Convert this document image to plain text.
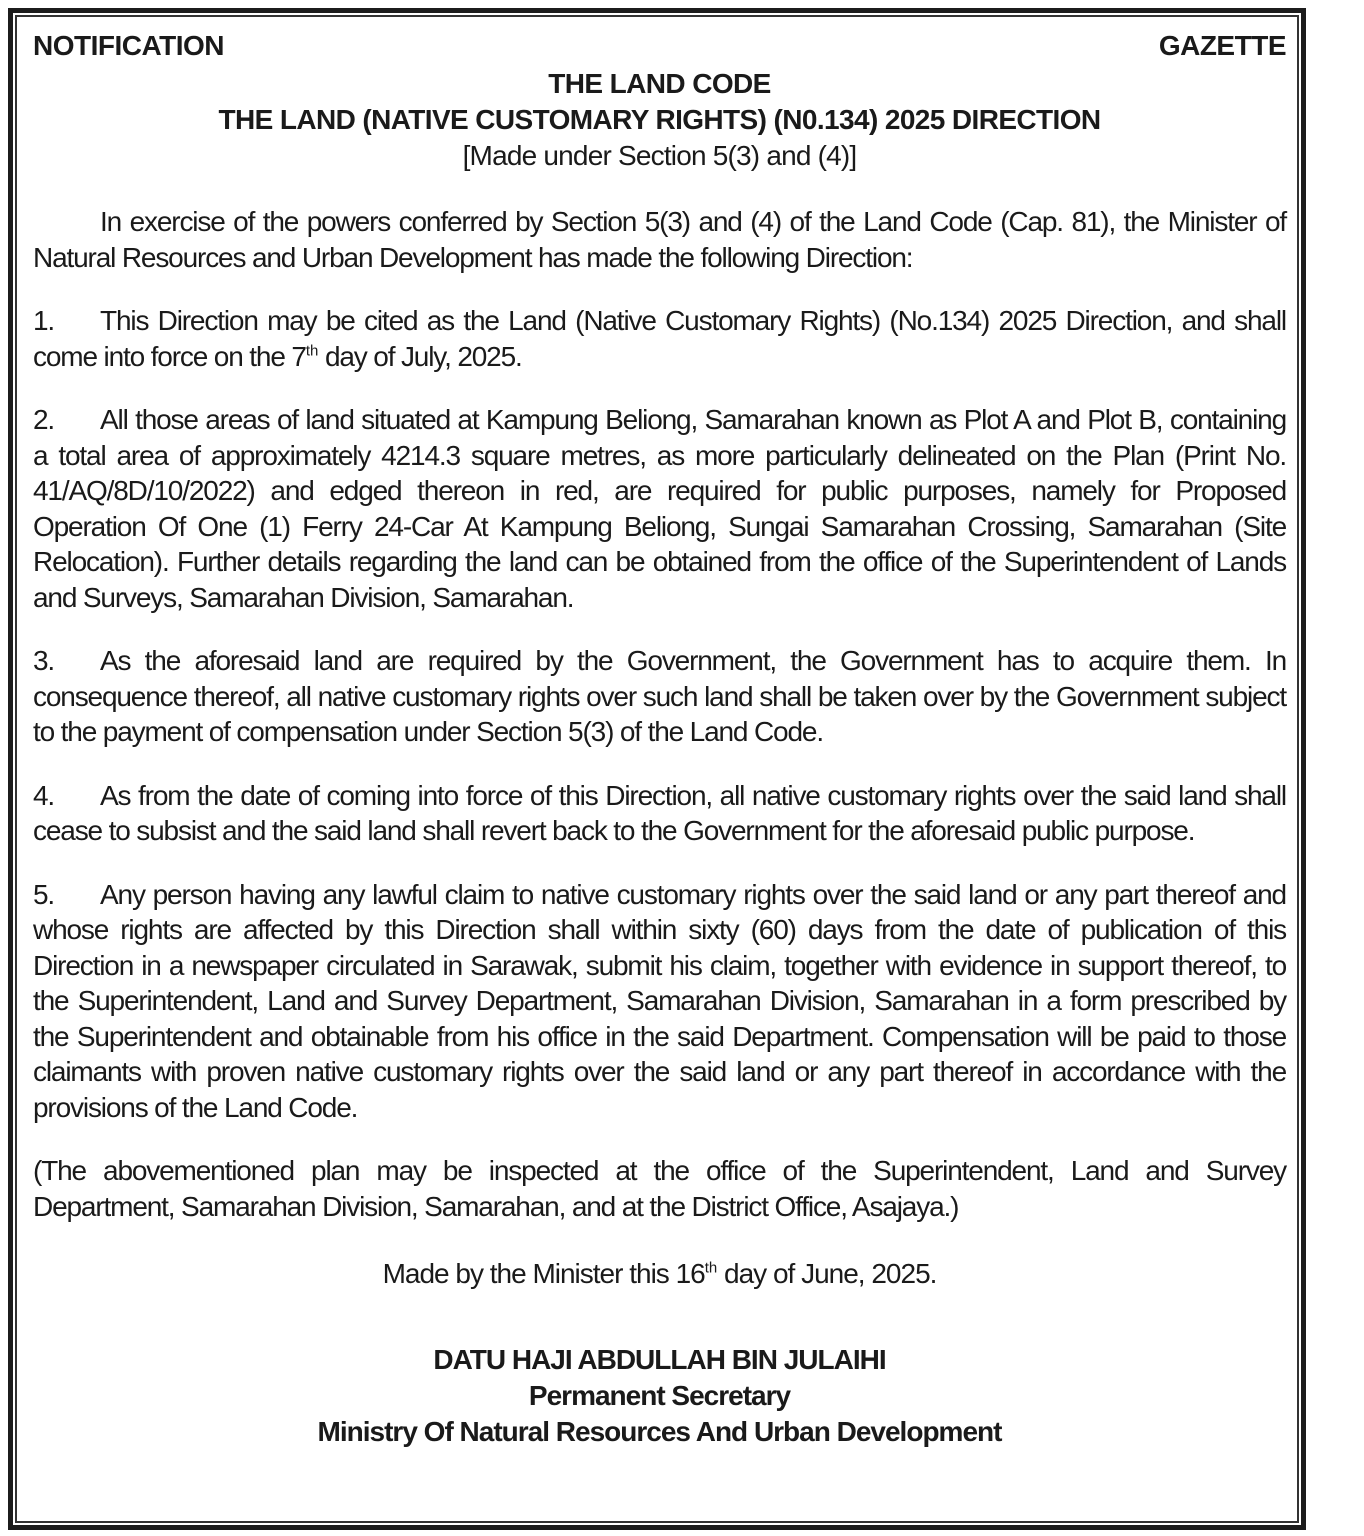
NOTIFICATION	GAZETTE
THE LAND CODE
THE LAND (NATIVE CUSTOMARY RIGHTS) (N0.134) 2025 DIRECTION
[Made under Section 5(3) and (4)]

In exercise of the powers conferred by Section 5(3) and (4) of the Land Code (Cap. 81), the Minister of Natural Resources and Urban Development has made the following Direction:

1. This Direction may be cited as the Land (Native Customary Rights) (No.134) 2025 Direction, and shall come into force on the 7th day of July, 2025.

2. All those areas of land situated at Kampung Beliong, Samarahan known as Plot A and Plot B, containing a total area of approximately 4214.3 square metres, as more particularly delineated on the Plan (Print No. 41/AQ/8D/10/2022) and edged thereon in red, are required for public purposes, namely for Proposed Operation Of One (1) Ferry 24-Car At Kampung Beliong, Sungai Samarahan Crossing, Samarahan (Site Relocation). Further details regarding the land can be obtained from the office of the Superintendent of Lands and Surveys, Samarahan Division, Samarahan.

3. As the aforesaid land are required by the Government, the Government has to acquire them. In consequence thereof, all native customary rights over such land shall be taken over by the Government subject to the payment of compensation under Section 5(3) of the Land Code.

4. As from the date of coming into force of this Direction, all native customary rights over the said land shall cease to subsist and the said land shall revert back to the Government for the aforesaid public purpose.

5. Any person having any lawful claim to native customary rights over the said land or any part thereof and whose rights are affected by this Direction shall within sixty (60) days from the date of publication of this Direction in a newspaper circulated in Sarawak, submit his claim, together with evidence in support thereof, to the Superintendent, Land and Survey Department, Samarahan Division, Samarahan in a form prescribed by the Superintendent and obtainable from his office in the said Department. Compensation will be paid to those claimants with proven native customary rights over the said land or any part thereof in accordance with the provisions of the Land Code.

(The abovementioned plan may be inspected at the office of the Superintendent, Land and Survey Department, Samarahan Division, Samarahan, and at the District Office, Asajaya.)

Made by the Minister this 16th day of June, 2025.
DATU HAJI ABDULLAH BIN JULAIHI
Permanent Secretary
Ministry Of Natural Resources And Urban Development
